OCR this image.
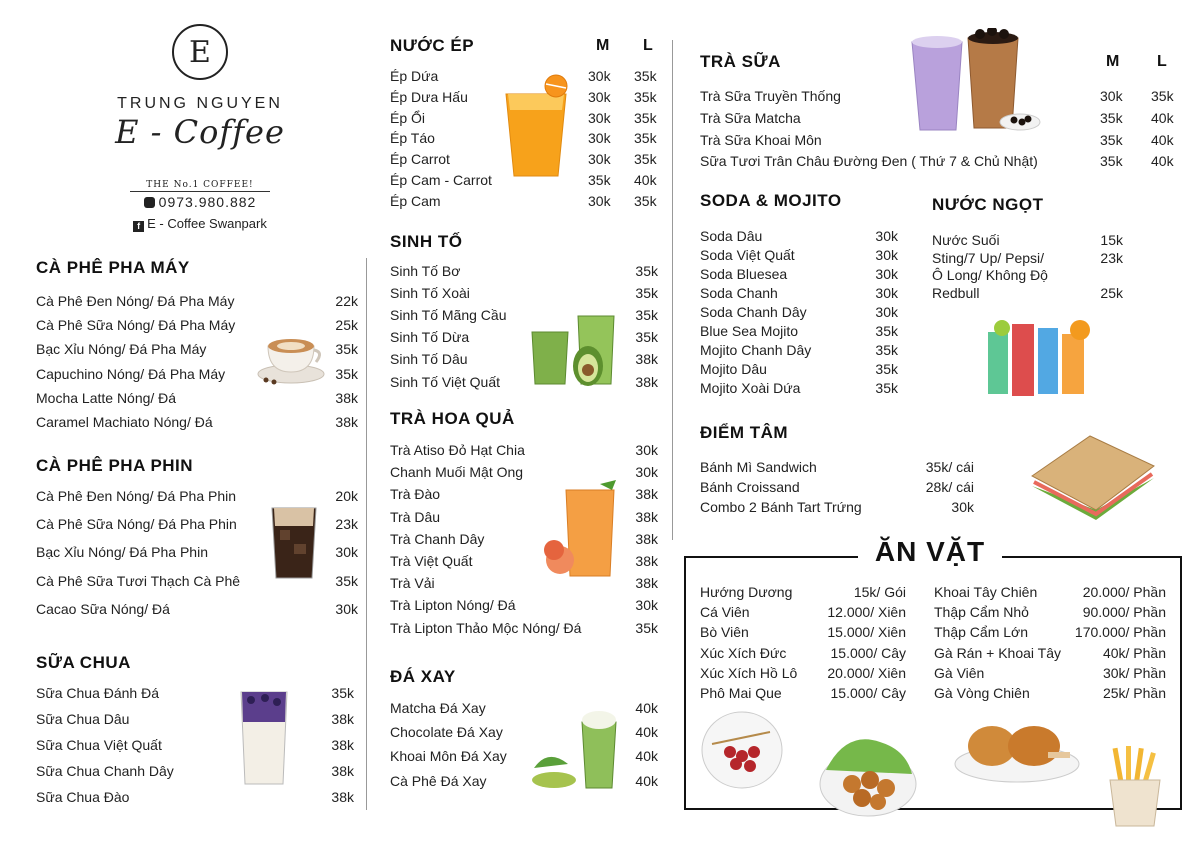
E
TRUNG NGUYEN
E - Coffee
THE No.1 COFFEE!
0973.980.882
f E - Coffee Swanpark
CÀ PHÊ PHA MÁY
Cà Phê Đen Nóng/ Đá Pha Máy	22k
Cà Phê Sữa Nóng/ Đá Pha Máy	25k
Bạc Xỉu Nóng/ Đá Pha Máy	35k
Capuchino Nóng/ Đá Pha Máy	35k
Mocha Latte Nóng/ Đá	38k
Caramel Machiato Nóng/ Đá	38k
CÀ PHÊ PHA PHIN
Cà Phê Đen Nóng/ Đá Pha Phin	20k
Cà Phê Sữa Nóng/ Đá Pha Phin	23k
Bạc Xỉu Nóng/ Đá Pha Phin	30k
Cà Phê Sữa Tươi Thạch Cà Phê	35k
Cacao Sữa Nóng/ Đá	30k
SỮA CHUA
Sữa Chua Đánh Đá	35k
Sữa Chua Dâu	38k
Sữa Chua Việt Quất	38k
Sữa Chua Chanh Dây	38k
Sữa Chua Đào	38k
NƯỚC ÉP	M L
Ép Dứa	30k 35k
Ép Dưa Hấu	30k 35k
Ép Ổi	30k 35k
Ép Táo	30k 35k
Ép Carrot	30k 35k
Ép Cam - Carrot	35k 40k
Ép Cam	30k 35k
SINH TỐ
Sinh Tố Bơ	35k
Sinh Tố Xoài	35k
Sinh Tố Mãng Cầu	35k
Sinh Tố Dừa	35k
Sinh Tố Dâu	38k
Sinh Tố Việt Quất	38k
TRÀ HOA QUẢ
Trà Atiso Đỏ Hạt Chia	30k
Chanh Muối Mật Ong	30k
Trà Đào	38k
Trà Dâu	38k
Trà Chanh Dây	38k
Trà Việt Quất	38k
Trà Vải	38k
Trà Lipton Nóng/ Đá	30k
Trà Lipton Thảo Mộc Nóng/ Đá	35k
ĐÁ XAY
Matcha Đá Xay	40k
Chocolate Đá Xay	40k
Khoai Môn Đá Xay	40k
Cà Phê Đá Xay	40k
TRÀ SỮA	M L
Trà Sữa Truyền Thống	30k 35k
Trà Sữa Matcha	35k 40k
Trà Sữa Khoai Môn	35k 40k
Sữa Tươi Trân Châu Đường Đen ( Thứ 7 & Chủ Nhật)	35k 40k
SODA & MOJITO
Soda Dâu	30k
Soda Việt Quất	30k
Soda Bluesea	30k
Soda Chanh	30k
Soda Chanh Dây	30k
Blue Sea Mojito	35k
Mojito Chanh Dây	35k
Mojito Dâu	35k
Mojito Xoài Dứa	35k
NƯỚC NGỌT
Nước Suối	15k
Sting/7 Up/ Pepsi/	23k
Ô Long/ Không Độ
Redbull	25k
ĐIỂM TÂM
Bánh Mì Sandwich	35k/ cái
Bánh Croissand	28k/ cái
Combo 2 Bánh Tart Trứng	30k
ĂN VẶT
Hướng Dương	15k/ Gói
Cá Viên	12.000/ Xiên
Bò Viên	15.000/ Xiên
Xúc Xích Đức	15.000/ Cây
Xúc Xích Hồ Lô 20.000/ Xiên
Phô Mai Que	15.000/ Cây
Khoai Tây Chiên	20.000/ Phần
Thập Cẩm Nhỏ	90.000/ Phần
Thập Cẩm Lớn	170.000/ Phần
Gà Rán + Khoai Tây	40k/ Phần
Gà Viên	30k/ Phần
Gà Vòng Chiên	25k/ Phần
